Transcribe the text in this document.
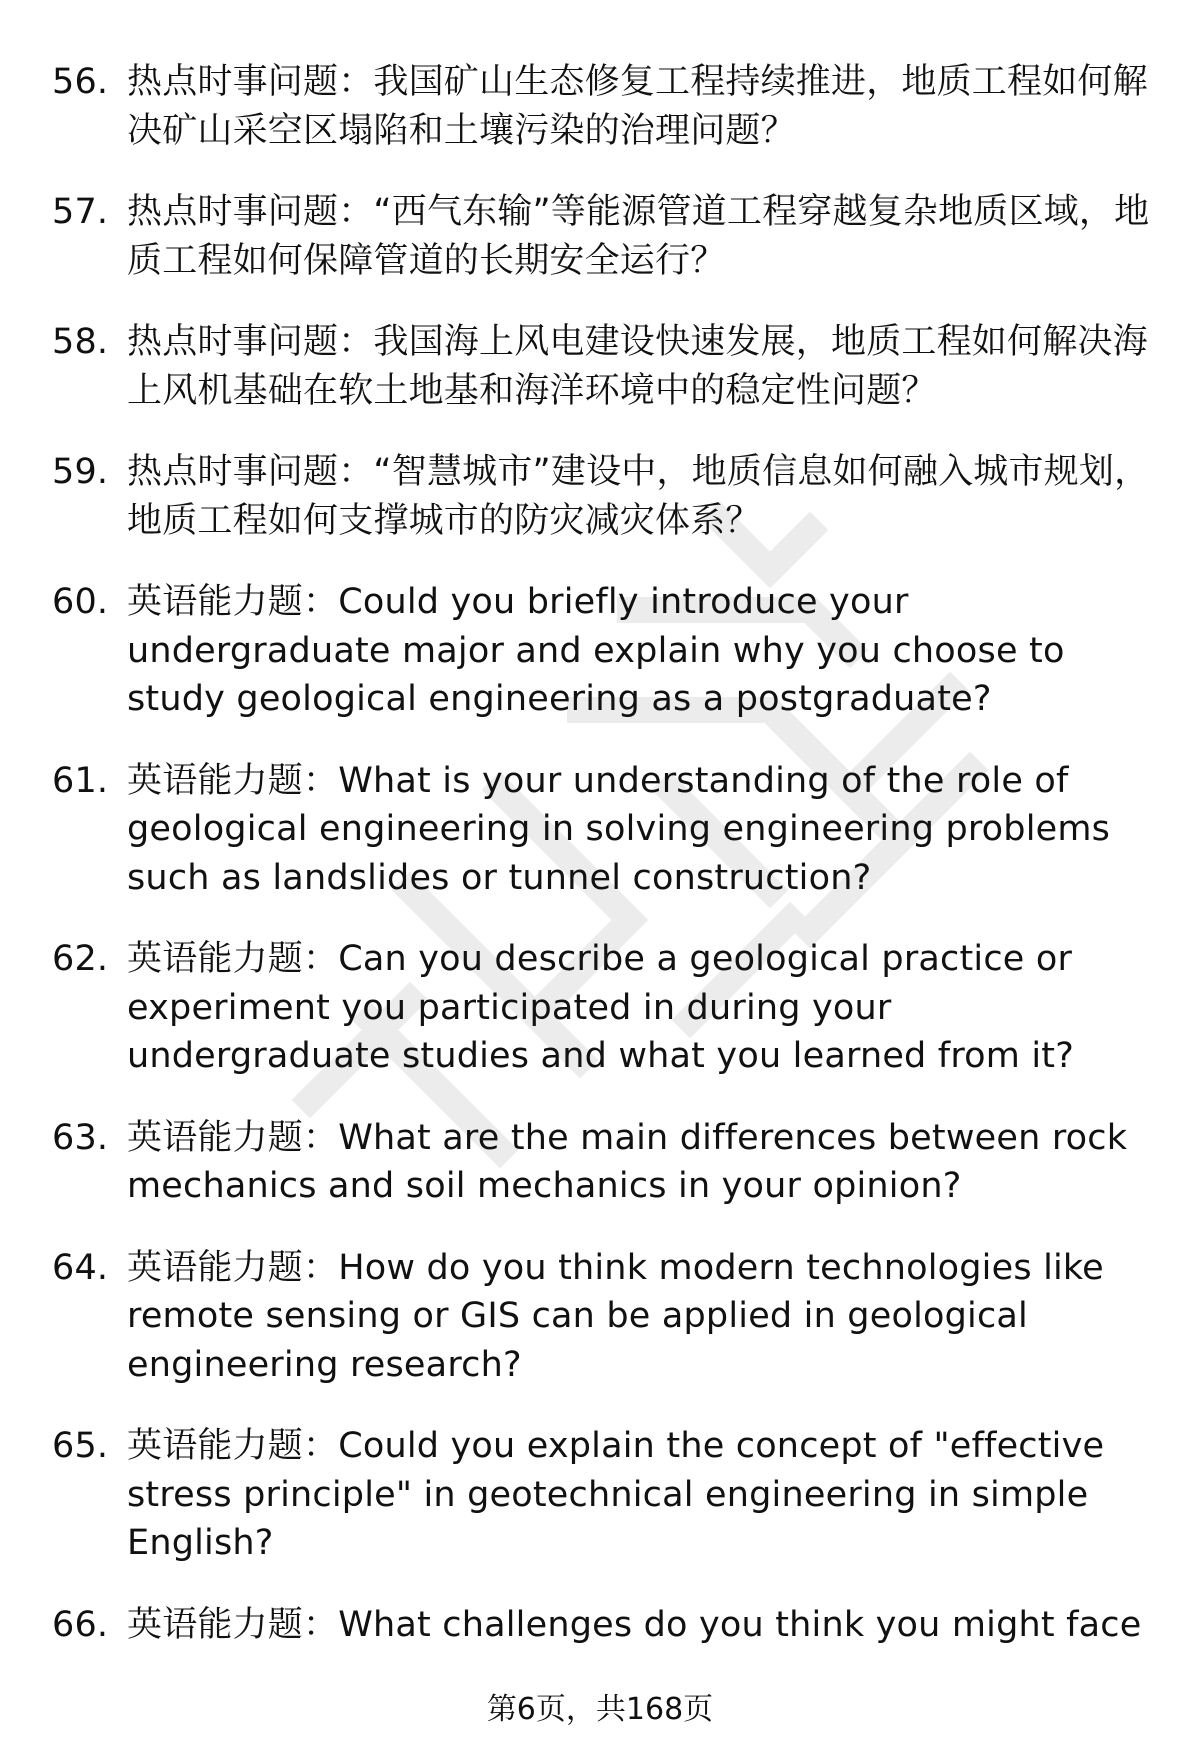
56. 热点时事问题：我国矿山生态修复工程持续推进，地质工程如何解决矿山采空区塌陷和土壤污染的治理问题？
57. 热点时事问题：“西气东输”等能源管道工程穿越复杂地质区域，地质工程如何保障管道的长期安全运行？
58. 热点时事问题：我国海上风电建设快速发展，地质工程如何解决海上风机基础在软土地基和海洋环境中的稳定性问题？
59. 热点时事问题：“智慧城市”建设中，地质信息如何融入城市规划，地质工程如何支撑城市的防灾减灾体系？
60. 英语能力题：Could you briefly introduce your undergraduate major and explain why you choose to study geological engineering as a postgraduate?
61. 英语能力题：What is your understanding of the role of geological engineering in solving engineering problems such as landslides or tunnel construction?
62. 英语能力题：Can you describe a geological practice or experiment you participated in during your undergraduate studies and what you learned from it?
63. 英语能力题：What are the main differences between rock mechanics and soil mechanics in your opinion?
64. 英语能力题：How do you think modern technologies like remote sensing or GIS can be applied in geological engineering research?
65. 英语能力题：Could you explain the concept of "effective stress principle" in geotechnical engineering in simple English?
66. 英语能力题：What challenges do you think you might face
第6页，共168页
